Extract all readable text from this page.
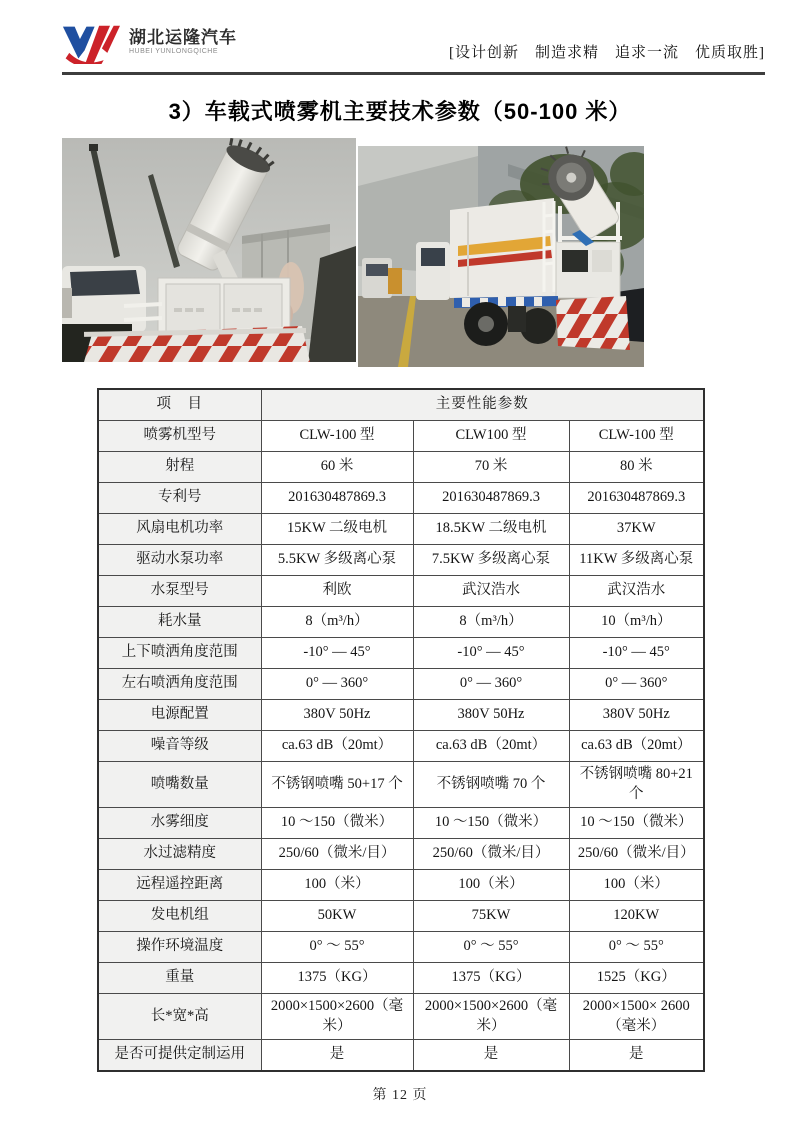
湖北运隆汽车
HUBEI YUNLONGQICHE	[设计创新　制造求精　追求一流　优质取胜]
3）车载式喷雾机主要技术参数（50-100 米）
项　目	主要性能参数		
喷雾机型号	CLW-100 型	CLW100 型	CLW-100 型
射程	60 米	70 米	80 米
专利号	201630487869.3	201630487869.3	201630487869.3
风扇电机功率	15KW 二级电机	18.5KW 二级电机	37KW
驱动水泵功率	5.5KW 多级离心泵	7.5KW 多级离心泵	11KW 多级离心泵
水泵型号	利欧	武汉浩水	武汉浩水
耗水量	8（m³/h）	8（m³/h）	10（m³/h）
上下喷洒角度范围	-10° — 45°	-10° — 45°	-10° — 45°
左右喷洒角度范围	0° — 360°	0° — 360°	0° — 360°
电源配置	380V 50Hz	380V 50Hz	380V 50Hz
噪音等级	ca.63 dB（20mt）	ca.63 dB（20mt）	ca.63 dB（20mt）
喷嘴数量	不锈钢喷嘴 50+17 个	不锈钢喷嘴 70 个	不锈钢喷嘴 80+21 个
水雾细度	10 ～150（微米）	10 ～150（微米）	10 ～150（微米）
水过滤精度	250/60（微米/目）	250/60（微米/目）	250/60（微米/目）
远程遥控距离	100（米）	100（米）	100（米）
发电机组	50KW	75KW	120KW
操作环境温度	0° ～ 55°	0° ～ 55°	0° ～ 55°
重量	1375（KG）	1375（KG）	1525（KG）
长*宽*高	2000×1500×2600（毫米）	2000×1500×2600（毫米）	2000×1500× 2600（毫米）
是否可提供定制运用	是	是	是
第 12 页
